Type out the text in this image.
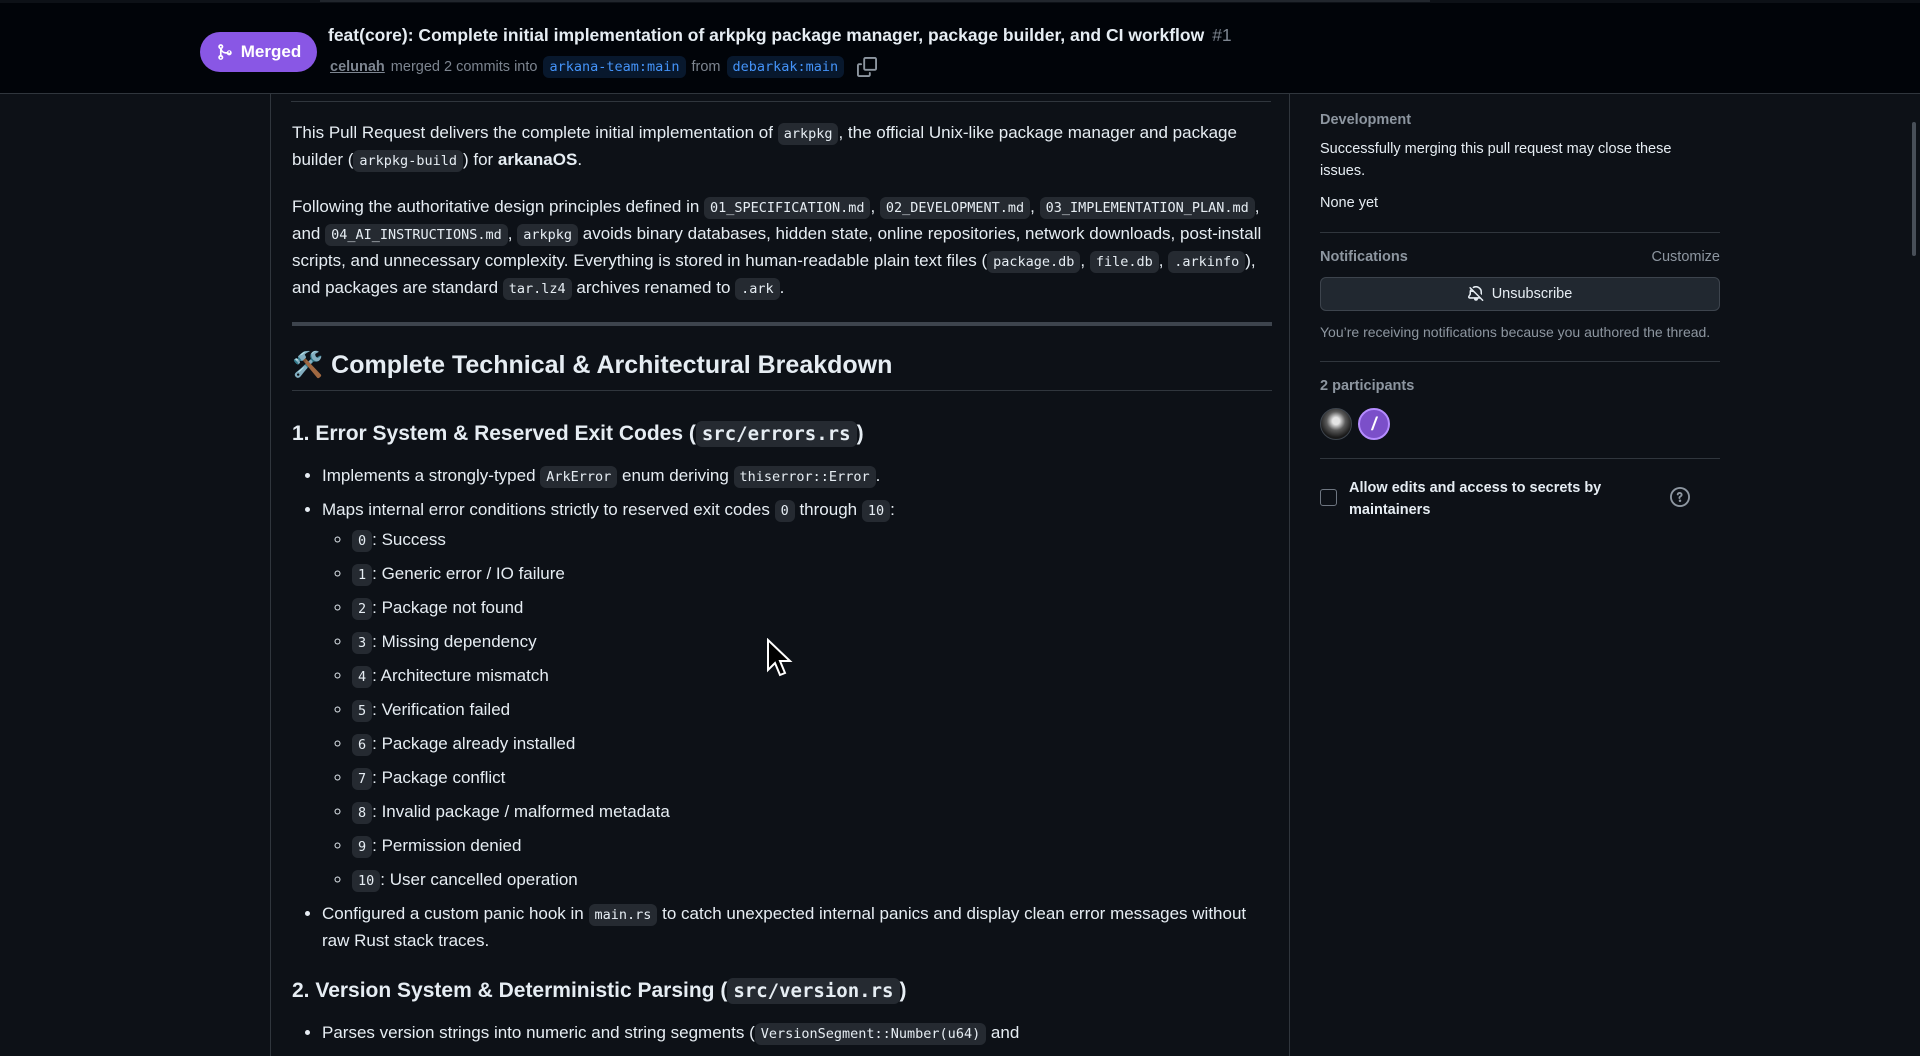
Merged
feat(core): Complete initial implementation of arkpkg package manager, package builder, and CI workflow #1
celunah merged 2 commits into arkana-team:main from debarkak:main

This Pull Request delivers the complete initial implementation of arkpkg , the official Unix-like package manager and package builder ( arkpkg-build ) for arkanaOS.

Following the authoritative design principles defined in 01_SPECIFICATION.md , 02_DEVELOPMENT.md , 03_IMPLEMENTATION_PLAN.md , and 04_AI_INSTRUCTIONS.md , arkpkg avoids binary databases, hidden state, online repositories, network downloads, post-install scripts, and unnecessary complexity. Everything is stored in human-readable plain text files ( package.db , file.db , .arkinfo ), and packages are standard tar.lz4 archives renamed to .ark .

🛠️ Complete Technical & Architectural Breakdown
1. Error System & Reserved Exit Codes ( src/errors.rs )
• Implements a strongly-typed ArkError enum deriving thiserror::Error .
• Maps internal error conditions strictly to reserved exit codes 0 through 10 :
◦ 0 : Success
◦ 1 : Generic error / IO failure
◦ 2 : Package not found
◦ 3 : Missing dependency
◦ 4 : Architecture mismatch
◦ 5 : Verification failed
◦ 6 : Package already installed
◦ 7 : Package conflict
◦ 8 : Invalid package / malformed metadata
◦ 9 : Permission denied
◦ 10 : User cancelled operation
• Configured a custom panic hook in main.rs to catch unexpected internal panics and display clean error messages without raw Rust stack traces.
2. Version System & Deterministic Parsing ( src/version.rs )
• Parses version strings into numeric and string segments ( VersionSegment::Number(u64) and
Development
Successfully merging this pull request may close these issues.
None yet
Notifications	Customize
Unsubscribe
You’re receiving notifications because you authored the thread.
2 participants
/
Allow edits and access to secrets by maintainers
